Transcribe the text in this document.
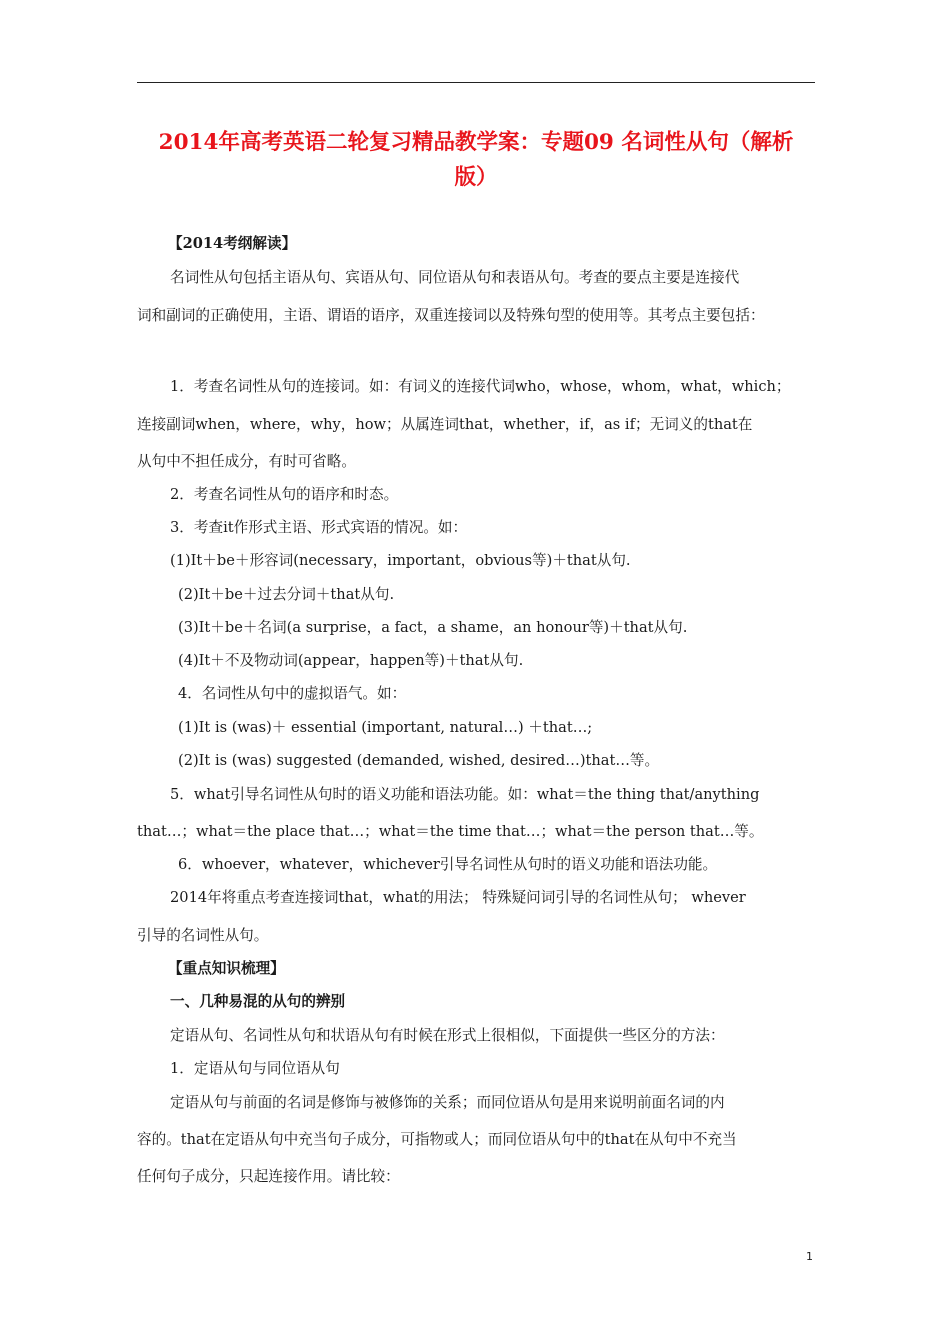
2014年高考英语二轮复习精品教学案：专题09 名词性从句（解析
版）
【2014考纲解读】
名词性从句包括主语从句、宾语从句、同位语从句和表语从句。考查的要点主要是连接代
词和副词的正确使用，主语、谓语的语序，双重连接词以及特殊句型的使用等。其考点主要包括：
1．考查名词性从句的连接词。如：有词义的连接代词who，whose，whom，what，which；
连接副词when，where，why，how；从属连词that，whether，if，as if；无词义的that在
从句中不担任成分，有时可省略。
2．考查名词性从句的语序和时态。
3．考查it作形式主语、形式宾语的情况。如：
(1)It＋be＋形容词(necessary，important，obvious等)＋that从句.
(2)It＋be＋过去分词＋that从句.
(3)It＋be＋名词(a surprise，a fact，a shame，an honour等)＋that从句.
(4)It＋不及物动词(appear，happen等)＋that从句.
4．名词性从句中的虚拟语气。如：
(1)It is (was)＋ essential (important, natural…) ＋that…;
(2)It is (was) suggested (demanded, wished, desired…)that…等。
5．what引导名词性从句时的语义功能和语法功能。如：what＝the thing that/anything
that…；what＝the place that…；what＝the time that…；what＝the person that…等。
6．whoever，whatever，whichever引导名词性从句时的语义功能和语法功能。
2014年将重点考查连接词that，what的用法； 特殊疑问词引导的名词性从句； whever
引导的名词性从句。
【重点知识梳理】
一、几种易混的从句的辨别
定语从句、名词性从句和状语从句有时候在形式上很相似，下面提供一些区分的方法：
1．定语从句与同位语从句
定语从句与前面的名词是修饰与被修饰的关系；而同位语从句是用来说明前面名词的内
容的。that在定语从句中充当句子成分，可指物或人；而同位语从句中的that在从句中不充当
任何句子成分，只起连接作用。请比较：
1
